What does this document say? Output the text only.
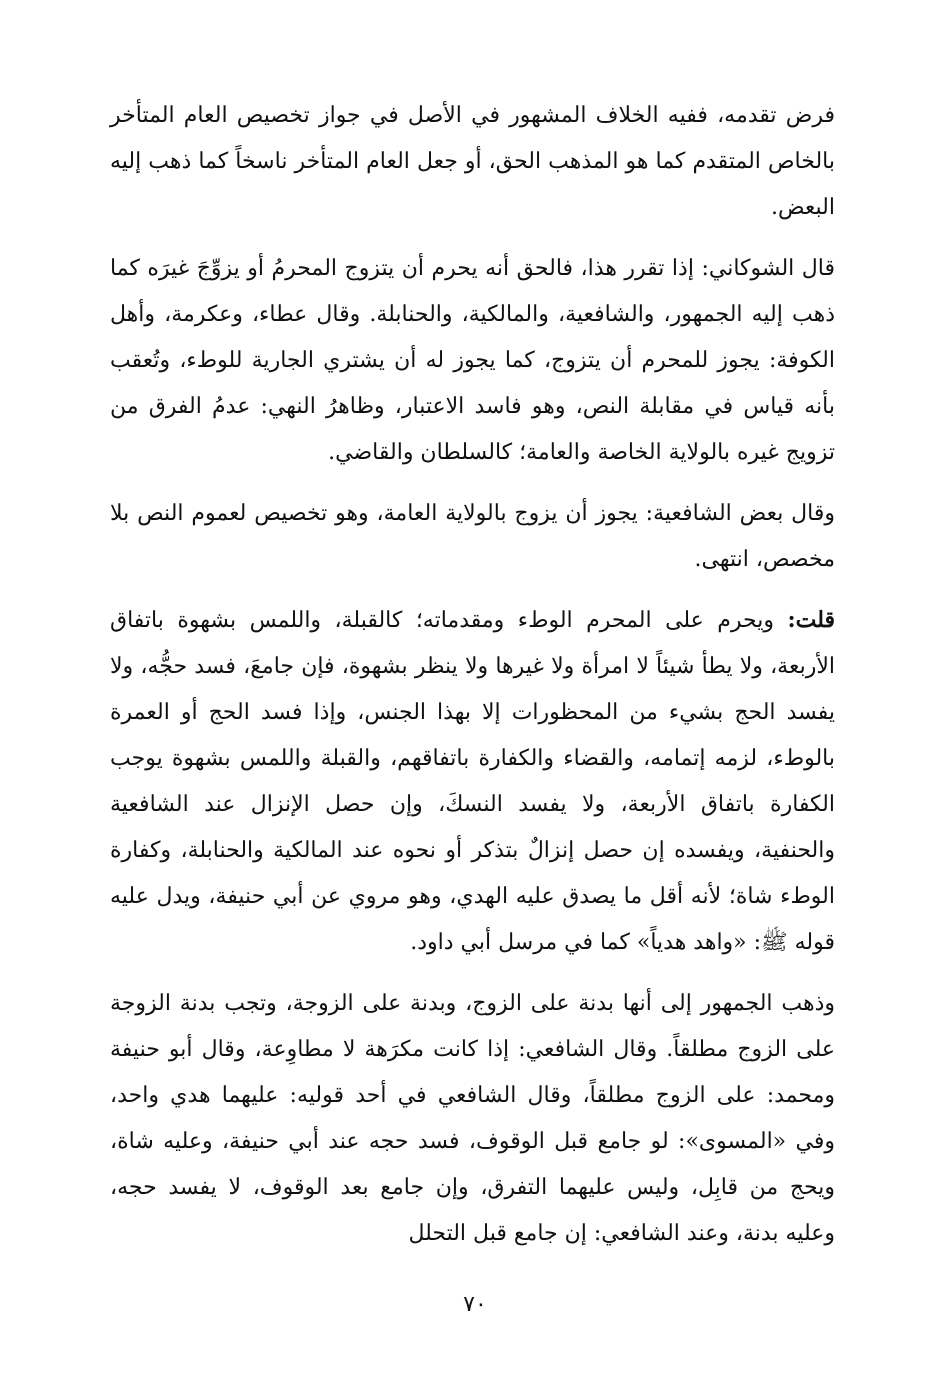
فرض تقدمه، ففيه الخلاف المشهور في الأصل في جواز تخصيص العام المتأخر بالخاص المتقدم كما هو المذهب الحق، أو جعل العام المتأخر ناسخاً كما ذهب إليه البعض.

قال الشوكاني: إذا تقرر هذا، فالحق أنه يحرم أن يتزوج المحرمُ أو يزوِّجَ غيرَه كما ذهب إليه الجمهور، والشافعية، والمالكية، والحنابلة. وقال عطاء، وعكرمة، وأهل الكوفة: يجوز للمحرم أن يتزوج، كما يجوز له أن يشتري الجارية للوطء، وتُعقب بأنه قياس في مقابلة النص، وهو فاسد الاعتبار، وظاهرُ النهي: عدمُ الفرق من تزويج غيره بالولاية الخاصة والعامة؛ كالسلطان والقاضي.

وقال بعض الشافعية: يجوز أن يزوج بالولاية العامة، وهو تخصيص لعموم النص بلا مخصص، انتهى.

قلت: ويحرم على المحرم الوطء ومقدماته؛ كالقبلة، واللمس بشهوة باتفاق الأربعة، ولا يطأ شيئاً لا امرأة ولا غيرها ولا ينظر بشهوة، فإن جامعَ، فسد حجُّه، ولا يفسد الحج بشيء من المحظورات إلا بهذا الجنس، وإذا فسد الحج أو العمرة بالوطء، لزمه إتمامه، والقضاء والكفارة باتفاقهم، والقبلة واللمس بشهوة يوجب الكفارة باتفاق الأربعة، ولا يفسد النسكَ، وإن حصل الإنزال عند الشافعية والحنفية، ويفسده إن حصل إنزالٌ بتذكر أو نحوه عند المالكية والحنابلة، وكفارة الوطء شاة؛ لأنه أقل ما يصدق عليه الهدي، وهو مروي عن أبي حنيفة، ويدل عليه قوله ﷺ: «واهد هدياً» كما في مرسل أبي داود.

وذهب الجمهور إلى أنها بدنة على الزوج، وبدنة على الزوجة، وتجب بدنة الزوجة على الزوج مطلقاً. وقال الشافعي: إذا كانت مكرَهة لا مطاوِعة، وقال أبو حنيفة ومحمد: على الزوج مطلقاً، وقال الشافعي في أحد قوليه: عليهما هدي واحد، وفي «المسوى»: لو جامع قبل الوقوف، فسد حجه عند أبي حنيفة، وعليه شاة، ويحج من قابِل، وليس عليهما التفرق، وإن جامع بعد الوقوف، لا يفسد حجه، وعليه بدنة، وعند الشافعي: إن جامع قبل التحلل

٧٠
